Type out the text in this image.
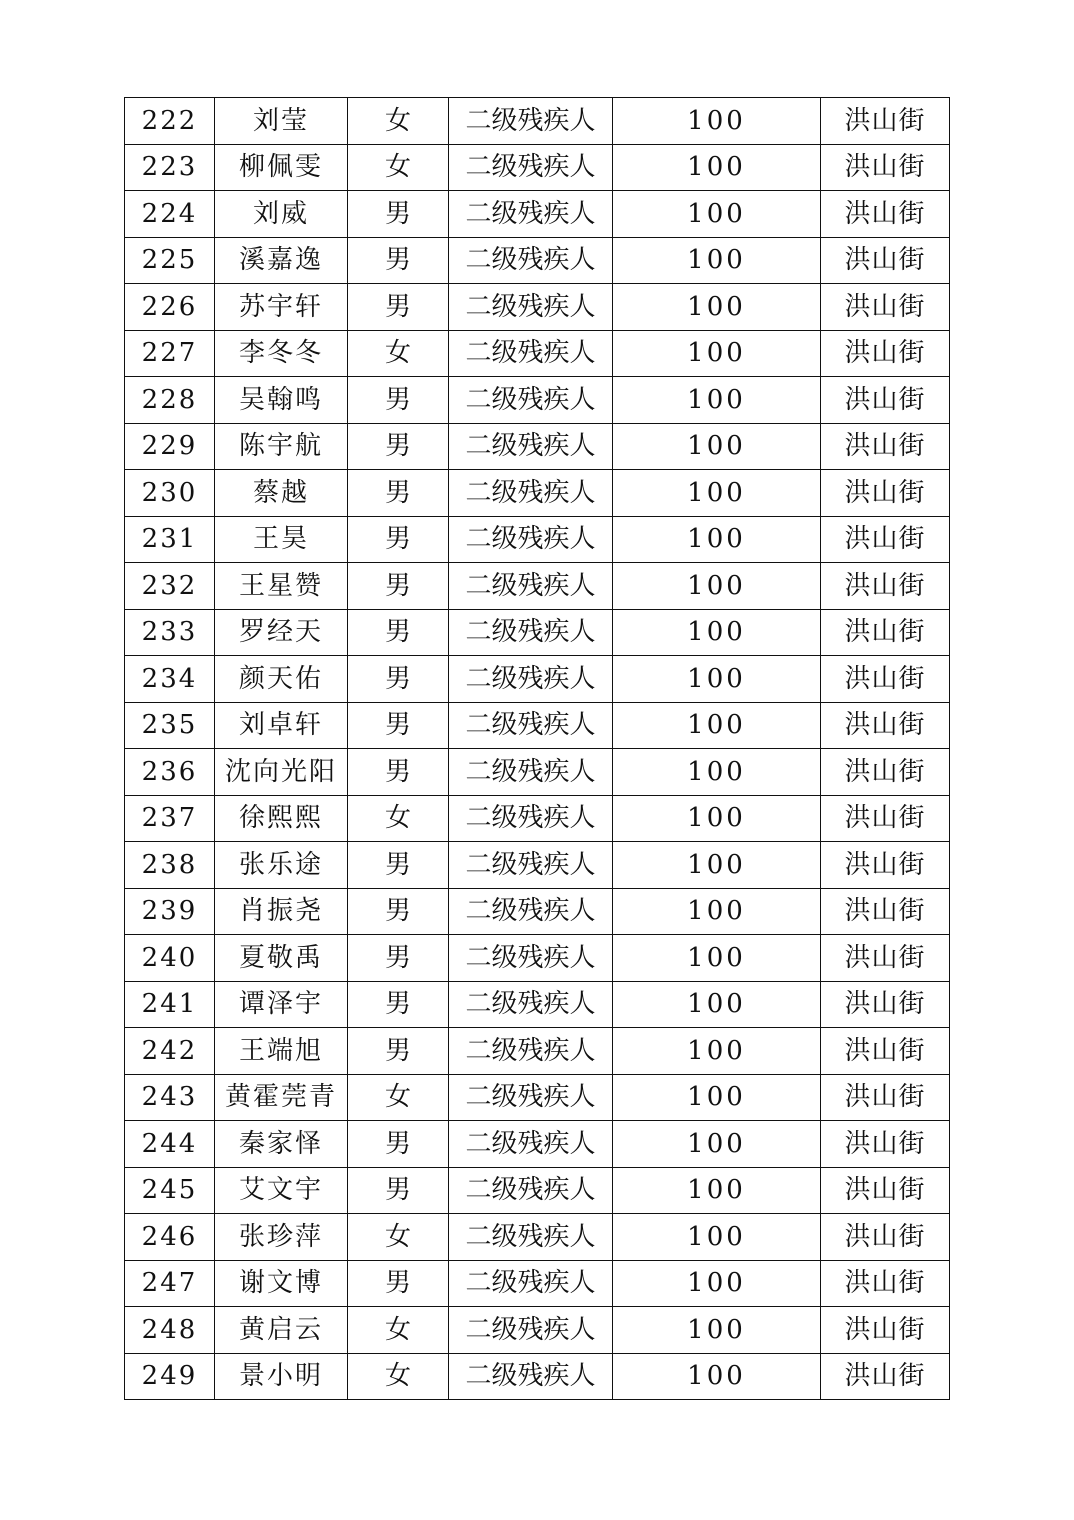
222	刘莹	女	二级残疾人	100	洪山街
223	柳佩雯	女	二级残疾人	100	洪山街
224	刘威	男	二级残疾人	100	洪山街
225	溪嘉逸	男	二级残疾人	100	洪山街
226	苏宇轩	男	二级残疾人	100	洪山街
227	李冬冬	女	二级残疾人	100	洪山街
228	吴翰鸣	男	二级残疾人	100	洪山街
229	陈宇航	男	二级残疾人	100	洪山街
230	蔡越	男	二级残疾人	100	洪山街
231	王昊	男	二级残疾人	100	洪山街
232	王星赞	男	二级残疾人	100	洪山街
233	罗经天	男	二级残疾人	100	洪山街
234	颜天佑	男	二级残疾人	100	洪山街
235	刘卓轩	男	二级残疾人	100	洪山街
236	沈向光阳	男	二级残疾人	100	洪山街
237	徐熙熙	女	二级残疾人	100	洪山街
238	张乐途	男	二级残疾人	100	洪山街
239	肖振尧	男	二级残疾人	100	洪山街
240	夏敬禹	男	二级残疾人	100	洪山街
241	谭泽宇	男	二级残疾人	100	洪山街
242	王端旭	男	二级残疾人	100	洪山街
243	黄霍莞青	女	二级残疾人	100	洪山街
244	秦家怿	男	二级残疾人	100	洪山街
245	艾文宇	男	二级残疾人	100	洪山街
246	张珍萍	女	二级残疾人	100	洪山街
247	谢文博	男	二级残疾人	100	洪山街
248	黄启云	女	二级残疾人	100	洪山街
249	景小明	女	二级残疾人	100	洪山街
